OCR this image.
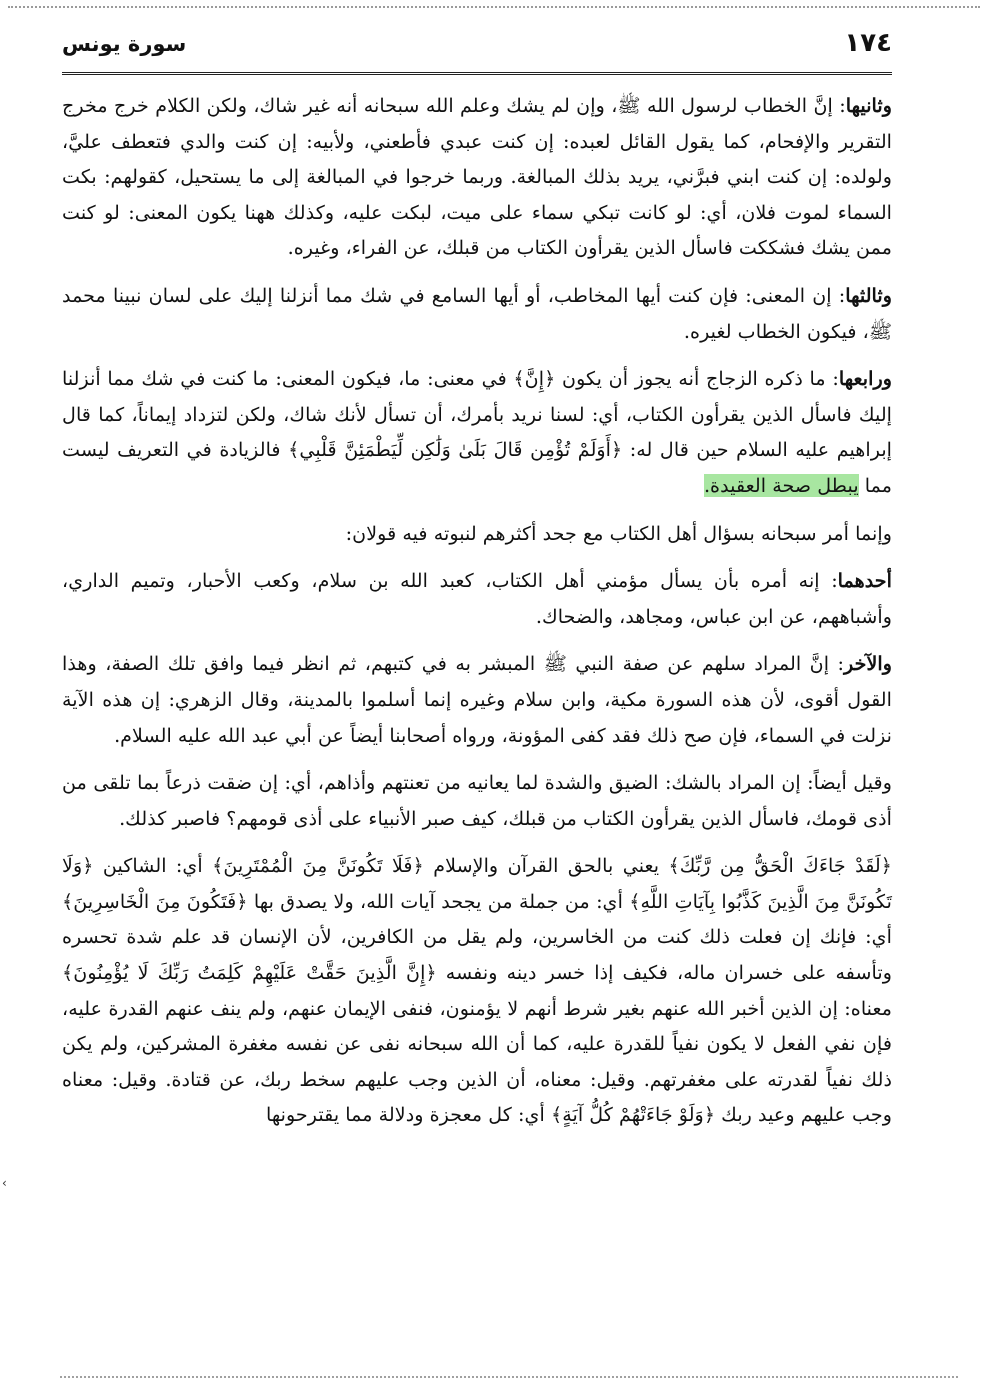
١٧٤
سورة يونس

وثانيها: إنَّ الخطاب لرسول الله ﷺ، وإن لم يشك وعلم الله سبحانه أنه غير شاك، ولكن الكلام خرج مخرج التقرير والإفحام، كما يقول القائل لعبده: إن كنت عبدي فأطعني، ولأبيه: إن كنت والدي فتعطف عليَّ، ولولده: إن كنت ابني فبرَّني، يريد بذلك المبالغة. وربما خرجوا في المبالغة إلى ما يستحيل، كقولهم: بكت السماء لموت فلان، أي: لو كانت تبكي سماء على ميت، لبكت عليه، وكذلك ههنا يكون المعنى: لو كنت ممن يشك فشككت فاسأل الذين يقرأون الكتاب من قبلك، عن الفراء، وغيره.

وثالثها: إن المعنى: فإن كنت أيها المخاطب، أو أيها السامع في شك مما أنزلنا إليك على لسان نبينا محمد ﷺ، فيكون الخطاب لغيره.

ورابعها: ما ذكره الزجاج أنه يجوز أن يكون ﴿إِنَّ﴾ في معنى: ما، فيكون المعنى: ما كنت في شك مما أنزلنا إليك فاسأل الذين يقرأون الكتاب، أي: لسنا نريد بأمرك، أن تسأل لأنك شاك، ولكن لتزداد إيماناً، كما قال إبراهيم عليه السلام حين قال له: ﴿أَوَلَمْ تُؤْمِن قَالَ بَلَىٰ وَلَٰكِن لِّيَطْمَئِنَّ قَلْبِي﴾ فالزيادة في التعريف ليست مما يبطل صحة العقيدة.

وإنما أمر سبحانه بسؤال أهل الكتاب مع جحد أكثرهم لنبوته فيه قولان:

أحدهما: إنه أمره بأن يسأل مؤمني أهل الكتاب، كعبد الله بن سلام، وكعب الأحبار، وتميم الداري، وأشباههم، عن ابن عباس، ومجاهد، والضحاك.

والآخر: إنَّ المراد سلهم عن صفة النبي ﷺ المبشر به في كتبهم، ثم انظر فيما وافق تلك الصفة، وهذا القول أقوى، لأن هذه السورة مكية، وابن سلام وغيره إنما أسلموا بالمدينة، وقال الزهري: إن هذه الآية نزلت في السماء، فإن صح ذلك فقد كفى المؤونة، ورواه أصحابنا أيضاً عن أبي عبد الله عليه السلام.

وقيل أيضاً: إن المراد بالشك: الضيق والشدة لما يعانيه من تعنتهم وأذاهم، أي: إن ضقت ذرعاً بما تلقى من أذى قومك، فاسأل الذين يقرأون الكتاب من قبلك، كيف صبر الأنبياء على أذى قومهم؟ فاصبر كذلك.

﴿لَقَدْ جَاءَكَ الْحَقُّ مِن رَّبِّكَ﴾ يعني بالحق القرآن والإسلام ﴿فَلَا تَكُونَنَّ مِنَ الْمُمْتَرِينَ﴾ أي: الشاكين ﴿وَلَا تَكُونَنَّ مِنَ الَّذِينَ كَذَّبُوا بِآيَاتِ اللَّهِ﴾ أي: من جملة من يجحد آيات الله، ولا يصدق بها ﴿فَتَكُونَ مِنَ الْخَاسِرِينَ﴾ أي: فإنك إن فعلت ذلك كنت من الخاسرين، ولم يقل من الكافرين، لأن الإنسان قد علم شدة تحسره وتأسفه على خسران ماله، فكيف إذا خسر دينه ونفسه ﴿إِنَّ الَّذِينَ حَقَّتْ عَلَيْهِمْ كَلِمَتُ رَبِّكَ لَا يُؤْمِنُونَ﴾ معناه: إن الذين أخبر الله عنهم بغير شرط أنهم لا يؤمنون، فنفى الإيمان عنهم، ولم ينف عنهم القدرة عليه، فإن نفي الفعل لا يكون نفياً للقدرة عليه، كما أن الله سبحانه نفى عن نفسه مغفرة المشركين، ولم يكن ذلك نفياً لقدرته على مغفرتهم. وقيل: معناه، أن الذين وجب عليهم سخط ربك، عن قتادة. وقيل: معناه وجب عليهم وعيد ربك ﴿وَلَوْ جَاءَتْهُمْ كُلُّ آيَةٍ﴾ أي: كل معجزة ودلالة مما يقترحونها

‹
